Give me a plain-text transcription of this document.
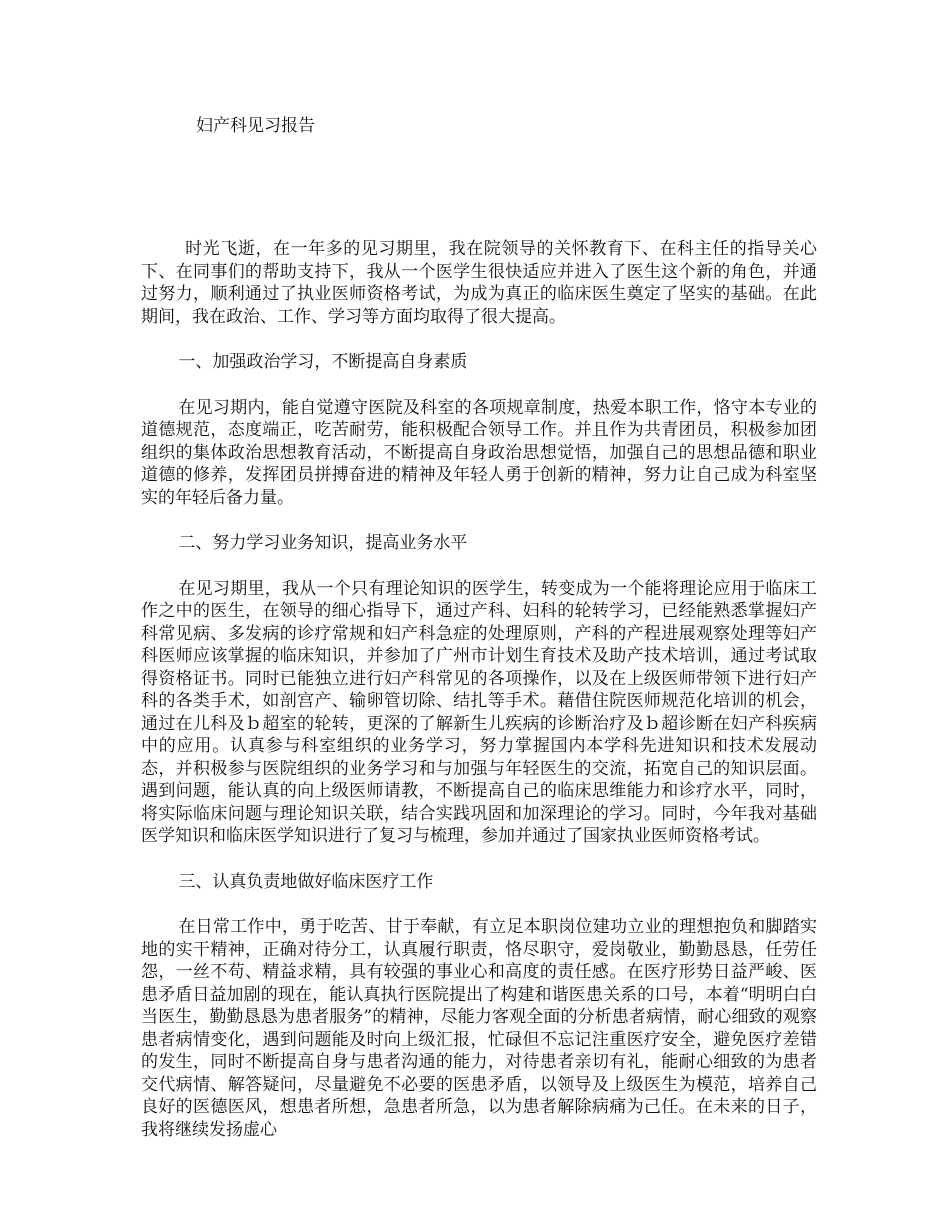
妇产科见习报告

时光飞逝，在一年多的见习期里，我在院领导的关怀教育下、在科主任的指导关心下、在同事们的帮助支持下，我从一个医学生很快适应并进入了医生这个新的角色，并通过努力，顺利通过了执业医师资格考试，为成为真正的临床医生奠定了坚实的基础。在此期间，我在政治、工作、学习等方面均取得了很大提高。

一、加强政治学习，不断提高自身素质

在见习期内，能自觉遵守医院及科室的各项规章制度，热爱本职工作，恪守本专业的道德规范，态度端正，吃苦耐劳，能积极配合领导工作。并且作为共青团员，积极参加团组织的集体政治思想教育活动，不断提高自身政治思想觉悟，加强自己的思想品德和职业道德的修养，发挥团员拼搏奋进的精神及年轻人勇于创新的精神，努力让自己成为科室坚实的年轻后备力量。

二、努力学习业务知识，提高业务水平

在见习期里，我从一个只有理论知识的医学生，转变成为一个能将理论应用于临床工作之中的医生，在领导的细心指导下，通过产科、妇科的轮转学习，已经能熟悉掌握妇产科常见病、多发病的诊疗常规和妇产科急症的处理原则，产科的产程进展观察处理等妇产科医师应该掌握的临床知识，并参加了广州市计划生育技术及助产技术培训，通过考试取得资格证书。同时已能独立进行妇产科常见的各项操作，以及在上级医师带领下进行妇产科的各类手术，如剖宫产、输卵管切除、结扎等手术。藉借住院医师规范化培训的机会，通过在儿科及ｂ超室的轮转，更深的了解新生儿疾病的诊断治疗及ｂ超诊断在妇产科疾病中的应用。认真参与科室组织的业务学习，努力掌握国内本学科先进知识和技术发展动态，并积极参与医院组织的业务学习和与加强与年轻医生的交流，拓宽自己的知识层面。遇到问题，能认真的向上级医师请教，不断提高自己的临床思维能力和诊疗水平，同时，将实际临床问题与理论知识关联，结合实践巩固和加深理论的学习。同时，今年我对基础医学知识和临床医学知识进行了复习与梳理，参加并通过了国家执业医师资格考试。

三、认真负责地做好临床医疗工作

在日常工作中，勇于吃苦、甘于奉献，有立足本职岗位建功立业的理想抱负和脚踏实地的实干精神，正确对待分工，认真履行职责，恪尽职守，爱岗敬业，勤勤恳恳，任劳任怨，一丝不苟、精益求精，具有较强的事业心和高度的责任感。在医疗形势日益严峻、医患矛盾日益加剧的现在，能认真执行医院提出了构建和谐医患关系的口号，本着“明明白白当医生，勤勤恳恳为患者服务”的精神，尽能力客观全面的分析患者病情，耐心细致的观察患者病情变化，遇到问题能及时向上级汇报，忙碌但不忘记注重医疗安全，避免医疗差错的发生，同时不断提高自身与患者沟通的能力，对待患者亲切有礼，能耐心细致的为患者交代病情、解答疑问，尽量避免不必要的医患矛盾，以领导及上级医生为模范，培养自己良好的医德医风，想患者所想，急患者所急，以为患者解除病痛为己任。在未来的日子，我将继续发扬虚心
